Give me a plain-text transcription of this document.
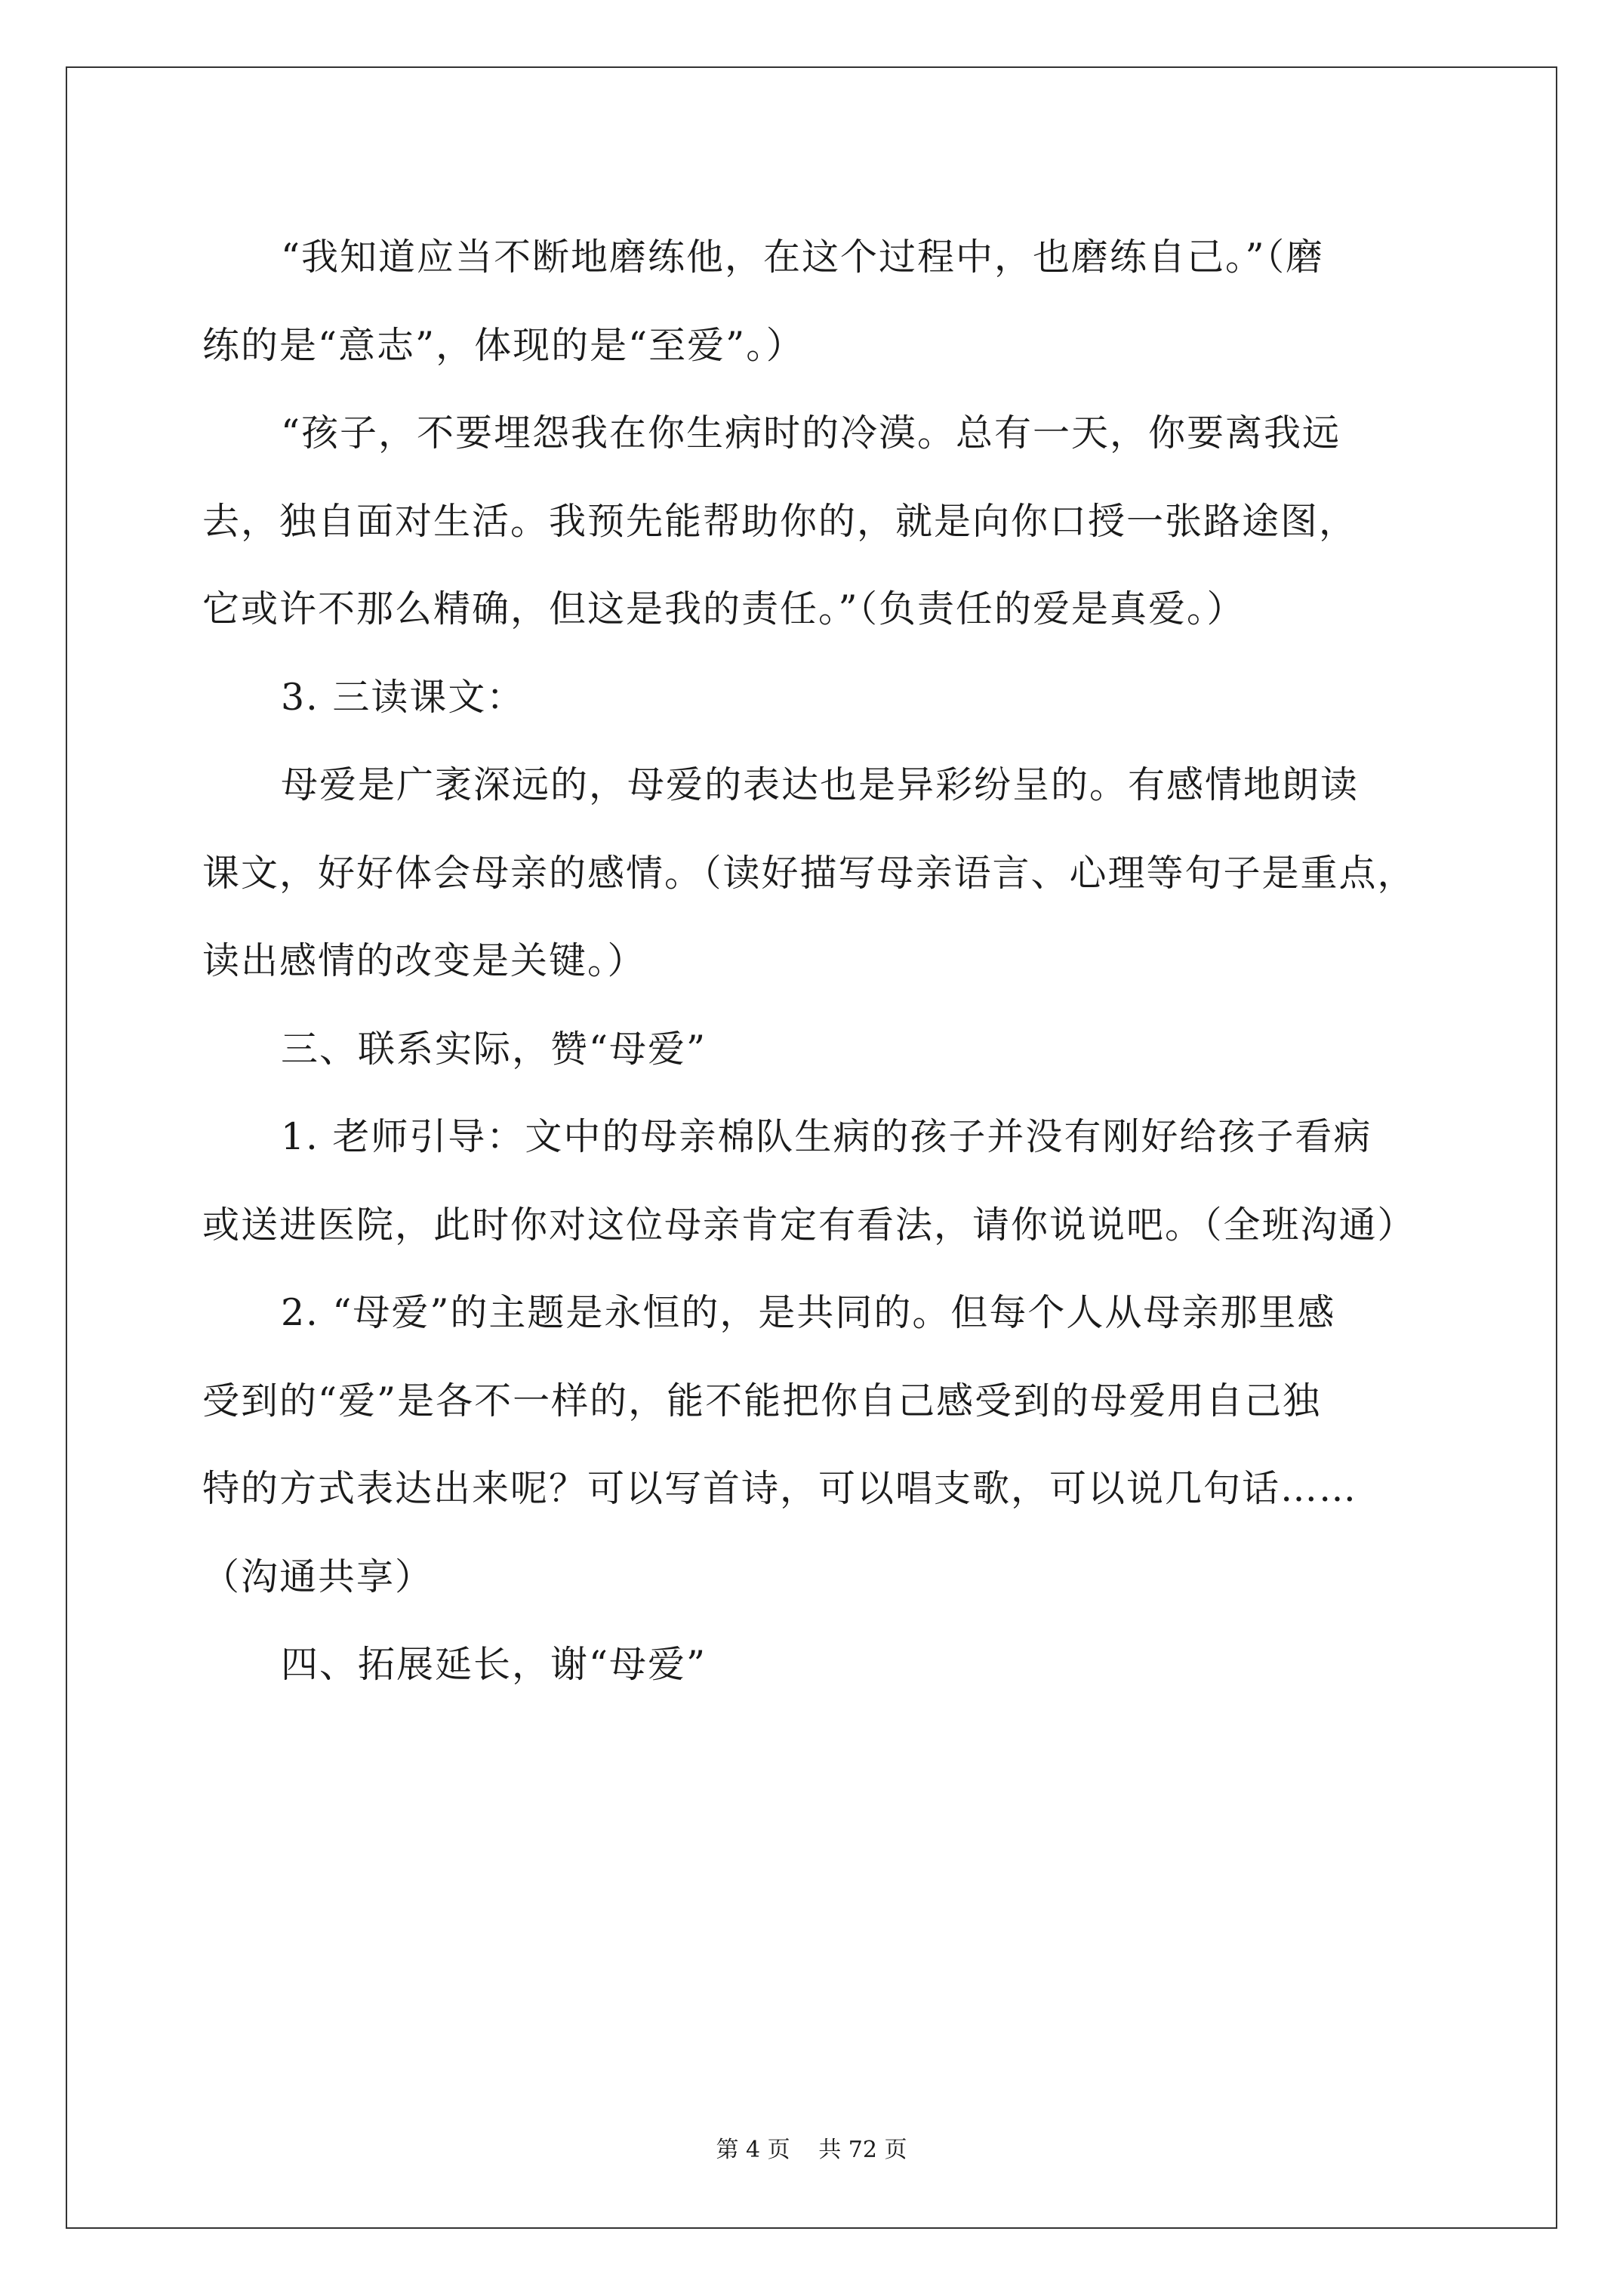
“我知道应当不断地磨练他，在这个过程中，也磨练自己。”（磨
练的是“意志”，体现的是“至爱”。）
“孩子，不要埋怨我在你生病时的冷漠。总有一天，你要离我远
去，独自面对生活。我预先能帮助你的，就是向你口授一张路途图，
它或许不那么精确，但这是我的责任。”（负责任的爱是真爱。）
3. 三读课文：
母爱是广袤深远的，母爱的表达也是异彩纷呈的。有感情地朗读
课文，好好体会母亲的感情。（读好描写母亲语言、心理等句子是重点，
读出感情的改变是关键。）
三、联系实际，赞“母爱”
1. 老师引导：文中的母亲棉队生病的孩子并没有刚好给孩子看病
或送进医院，此时你对这位母亲肯定有看法，请你说说吧。（全班沟通）
2. “母爱”的主题是永恒的，是共同的。但每个人从母亲那里感
受到的“爱”是各不一样的，能不能把你自己感受到的母爱用自己独
特的方式表达出来呢？可以写首诗，可以唱支歌，可以说几句话……
（沟通共享）
四、拓展延长，谢“母爱”
第 4 页 共 72 页
